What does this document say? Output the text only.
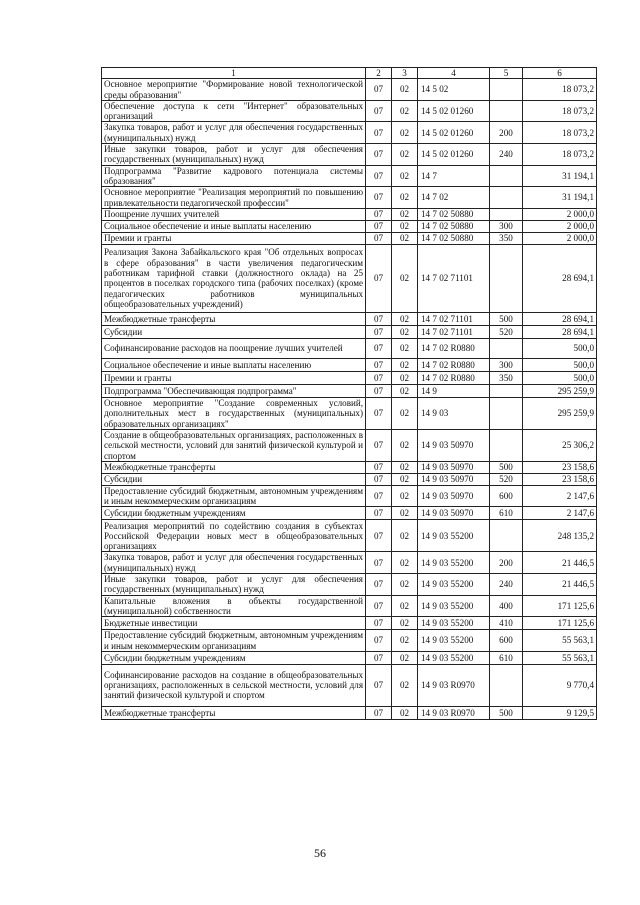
1	2	3	4	5	6
Основное мероприятие "Формирование новой технологической среды образования"	07	02	14 5 02		18 073,2
Обеспечение доступа к сети "Интернет" образовательных организаций	07	02	14 5 02 01260		18 073,2
Закупка товаров, работ и услуг для обеспечения государственных (муниципальных) нужд	07	02	14 5 02 01260	200	18 073,2
Иные закупки товаров, работ и услуг для обеспечения государственных (муниципальных) нужд	07	02	14 5 02 01260	240	18 073,2
Подпрограмма "Развитие кадрового потенциала системы образования"	07	02	14 7		31 194,1
Основное мероприятие "Реализация мероприятий по повышению привлекательности педагогической профессии"	07	02	14 7 02		31 194,1
Поощрение лучших учителей	07	02	14 7 02 50880		2 000,0
Социальное обеспечение и иные выплаты населению	07	02	14 7 02 50880	300	2 000,0
Премии и гранты	07	02	14 7 02 50880	350	2 000,0
Реализация Закона Забайкальского края "Об отдельных вопросах в сфере образования" в части увеличения педагогическим работникам тарифной ставки (должностного оклада) на 25 процентов в поселках городского типа (рабочих поселках) (кроме педагогических работников муниципальных общеобразовательных учреждений)	07	02	14 7 02 71101		28 694,1
Межбюджетные трансферты	07	02	14 7 02 71101	500	28 694,1
Субсидии	07	02	14 7 02 71101	520	28 694,1
Софинансирование расходов на поощрение лучших учителей	07	02	14 7 02 R0880		500,0
Социальное обеспечение и иные выплаты населению	07	02	14 7 02 R0880	300	500,0
Премии и гранты	07	02	14 7 02 R0880	350	500,0
Подпрограмма "Обеспечивающая подпрограмма"	07	02	14 9		295 259,9
Основное мероприятие "Создание современных условий, дополнительных мест в государственных (муниципальных) образовательных организациях"	07	02	14 9 03		295 259,9
Создание в общеобразовательных организациях, расположенных в сельской местности, условий для занятий физической культурой и спортом	07	02	14 9 03 50970		25 306,2
Межбюджетные трансферты	07	02	14 9 03 50970	500	23 158,6
Субсидии	07	02	14 9 03 50970	520	23 158,6
Предоставление субсидий бюджетным, автономным учреждениям и иным некоммерческим организациям	07	02	14 9 03 50970	600	2 147,6
Субсидии бюджетным учреждениям	07	02	14 9 03 50970	610	2 147,6
Реализация мероприятий по содействию создания в субъектах Российской Федерации новых мест в общеобразовательных организациях	07	02	14 9 03 55200		248 135,2
Закупка товаров, работ и услуг для обеспечения государственных (муниципальных) нужд	07	02	14 9 03 55200	200	21 446,5
Иные закупки товаров, работ и услуг для обеспечения государственных (муниципальных) нужд	07	02	14 9 03 55200	240	21 446,5
Капитальные вложения в объекты государственной (муниципальной) собственности	07	02	14 9 03 55200	400	171 125,6
Бюджетные инвестиции	07	02	14 9 03 55200	410	171 125,6
Предоставление субсидий бюджетным, автономным учреждениям и иным некоммерческим организациям	07	02	14 9 03 55200	600	55 563,1
Субсидии бюджетным учреждениям	07	02	14 9 03 55200	610	55 563,1
Софинансирование расходов на создание в общеобразовательных организациях, расположенных в сельской местности, условий для занятий физической культурой и спортом	07	02	14 9 03 R0970		9 770,4
Межбюджетные трансферты	07	02	14 9 03 R0970	500	9 129,5
56
